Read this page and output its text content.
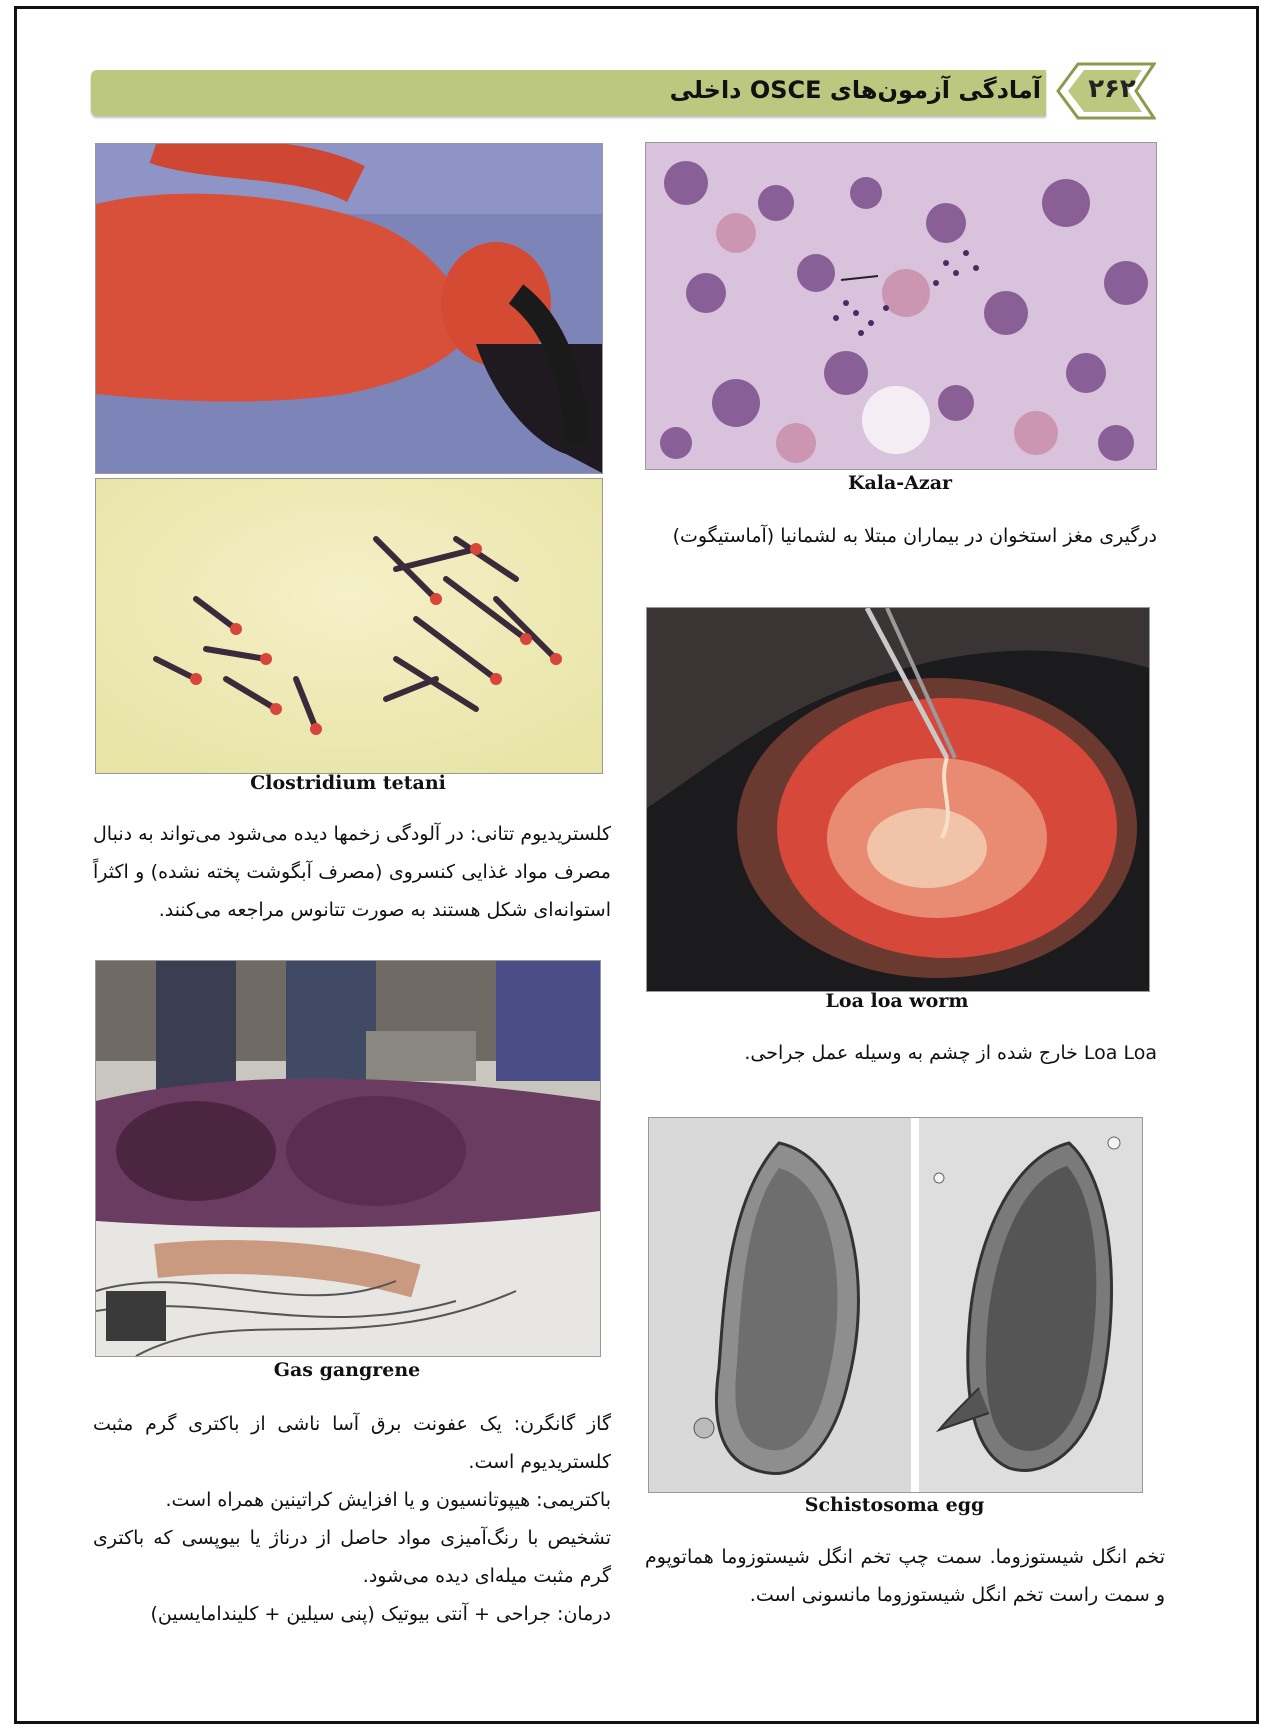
آمادگی آزمون‌های OSCE داخلی ۲۶۲
Kala-Azar
درگیری مغز استخوان در بیماران مبتلا به لشمانیا (آماستیگوت)
Clostridium tetani
کلستریدیوم تتانی: در آلودگی زخمها دیده می‌شود می‌تواند به دنبال مصرف مواد غذایی کنسروی (مصرف آبگوشت پخته نشده) و اکثراً استوانه‌ای شکل هستند به صورت تتانوس مراجعه می‌کنند.
Loa loa worm
Loa Loa خارج شده از چشم به وسیله عمل جراحی.
Gas gangrene

گاز گانگرن: یک عفونت برق آسا ناشی از باکتری گرم مثبت کلستریدیوم است.

باکتریمی: هیپوتانسیون و یا افزایش کراتینین همراه است.

تشخیص با رنگ‌آمیزی مواد حاصل از درناژ یا بیوپسی که باکتری گرم مثبت میله‌ای دیده می‌شود.

درمان: جراحی + آنتی بیوتیک (پنی سیلین + کلیندامایسین)

Schistosoma egg
تخم انگل شیستوزوما. سمت چپ تخم انگل شیستوزوما هماتوپوم و سمت راست تخم انگل شیستوزوما مانسونی است.
